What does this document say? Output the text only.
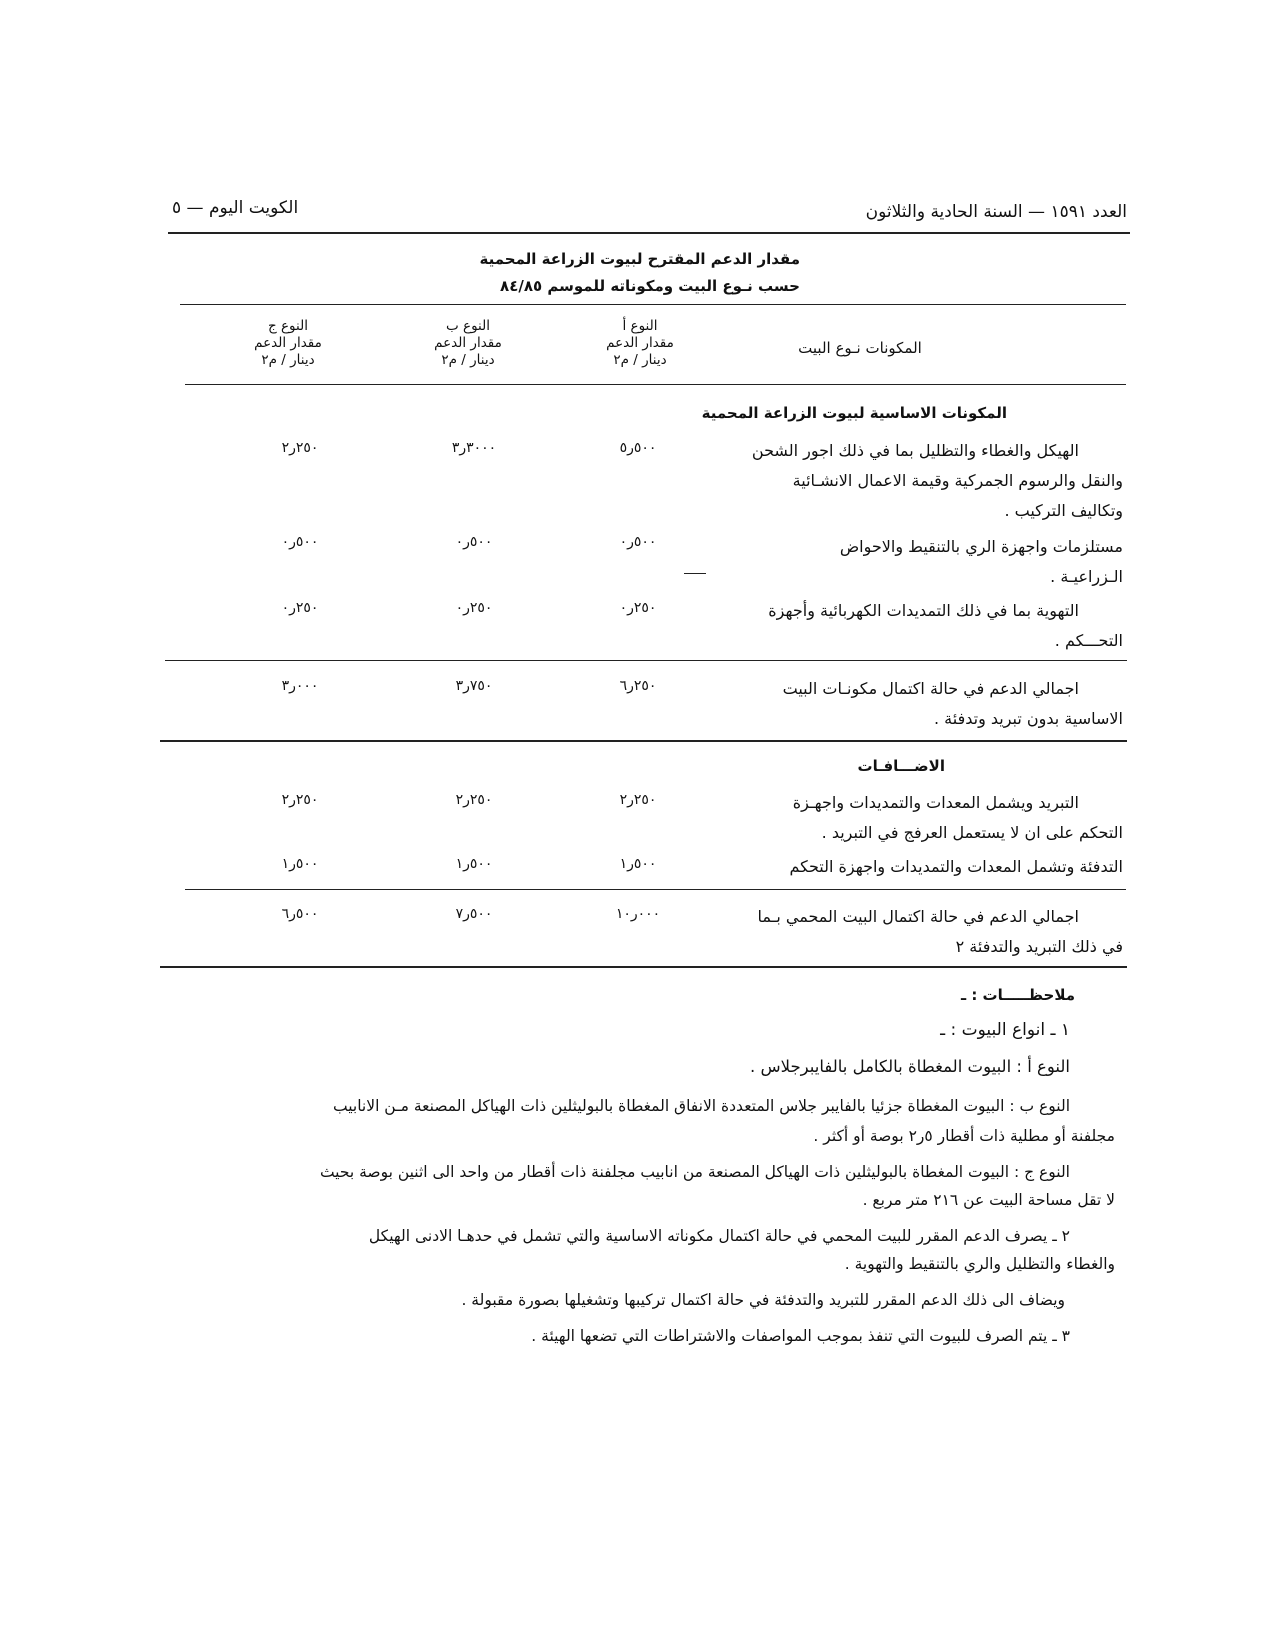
الكويت اليوم — ٥	العدد ١٥٩١ — السنة الحادية والثلاثون
مقدار الدعم المقترح لبيوت الزراعة المحمية
حسب نـوع البيت ومكوناته للموسم ٨٤/٨٥
المكونات نـوع البيت
النوع أ
مقدار الدعم
دينار / م٢
النوع ب
مقدار الدعم
دينار / م٢
النوع ج
مقدار الدعم
دينار / م٢
المكونات الاساسية لبيوت الزراعة المحمية
الهيكل والغطاء والتظليل بما في ذلك اجور الشحن
والنقل والرسوم الجمركية وقيمة الاعمال الانشـائية
وتكاليف التركيب .
٥٠٠ر٥
٣٠٠٠ر٣
٢٥٠ر٢
مستلزمات واجهزة الري بالتنقيط والاحواض
الـزراعيـة .
٥٠٠ر٠
٥٠٠ر٠
٥٠٠ر٠
التهوية بما في ذلك التمديدات الكهربائية وأجهزة
التحـــكم .
٢٥٠ر٠
٢٥٠ر٠
٢٥٠ر٠
اجمالي الدعم في حالة اكتمال مكونـات البيت
الاساسية بدون تبريد وتدفئة .
٢٥٠ر٦
٧٥٠ر٣
٠٠٠ر٣
الاضـــافـات
التبريد ويشمل المعدات والتمديدات واجهـزة
التحكم على ان لا يستعمل العرفج في التبريد .
٢٥٠ر٢
٢٥٠ر٢
٢٥٠ر٢
التدفئة وتشمل المعدات والتمديدات واجهزة التحكم
٥٠٠ر١
٥٠٠ر١
٥٠٠ر١
اجمالي الدعم في حالة اكتمال البيت المحمي بـما
في ذلك التبريد والتدفئة ٢
٠٠٠ر١٠
٥٠٠ر٧
٥٠٠ر٦
ملاحظـــــات : ـ
١ ـ انواع البيوت : ـ
النوع أ : البيوت المغطاة بالكامل بالفايبرجلاس .
النوع ب : البيوت المغطاة جزئيا بالفايبر جلاس المتعددة الانفاق المغطاة بالبوليثلين ذات الهياكل المصنعة مـن الانابيب
مجلفنة أو مطلية ذات أقطار ٥ر٢ بوصة أو أكثر .
النوع ج : البيوت المغطاة بالبوليثلين ذات الهياكل المصنعة من انابيب مجلفنة ذات أقطار من واحد الى اثنين بوصة بحيث
لا تقل مساحة البيت عن ٢١٦ متر مربع .
٢ ـ يصرف الدعم المقرر للبيت المحمي في حالة اكتمال مكوناته الاساسية والتي تشمل في حدهـا الادنى الهيكل
والغطاء والتظليل والري بالتنقيط والتهوية .
ويضاف الى ذلك الدعم المقرر للتبريد والتدفئة في حالة اكتمال تركيبها وتشغيلها بصورة مقبولة .
٣ ـ يتم الصرف للبيوت التي تنفذ بموجب المواصفات والاشتراطات التي تضعها الهيئة .
